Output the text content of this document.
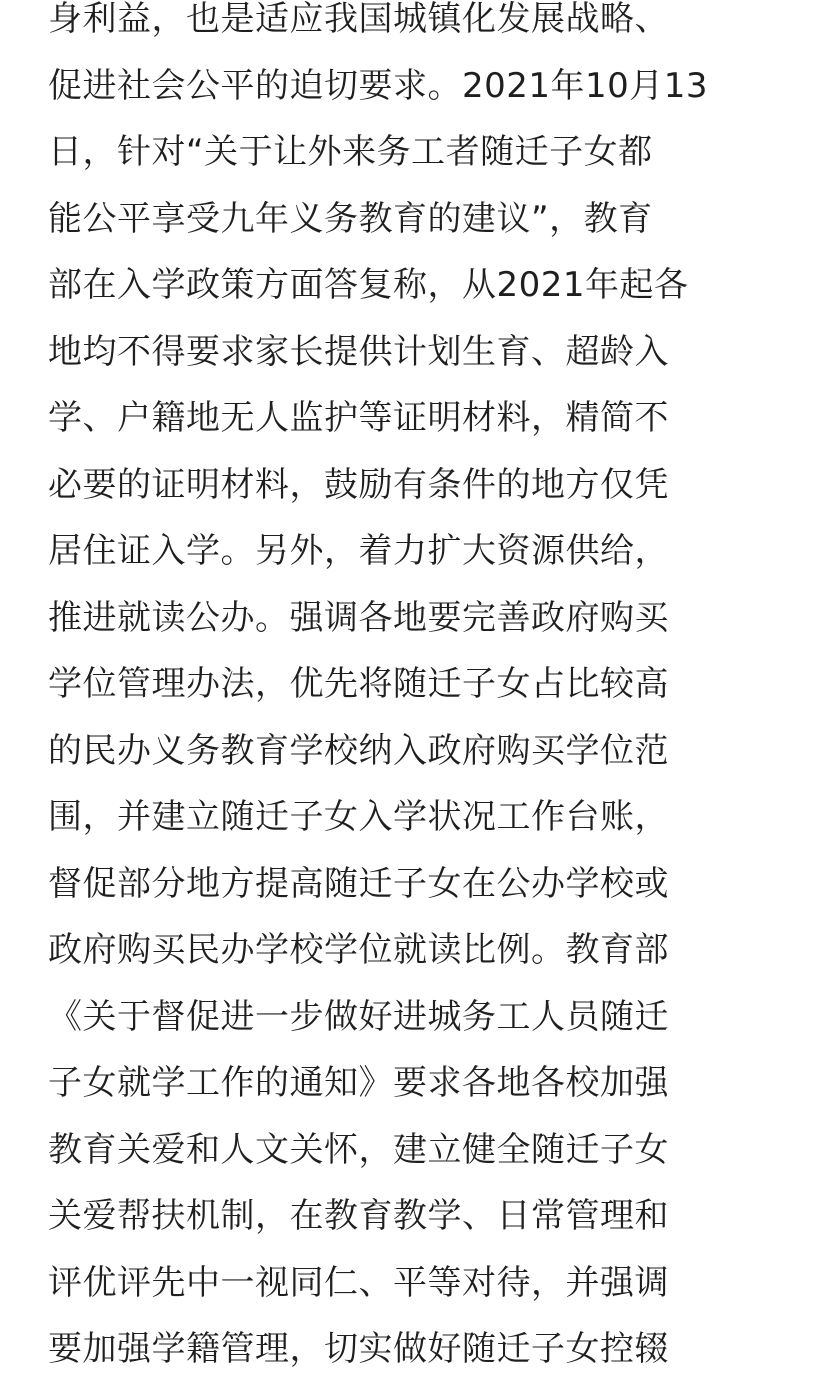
身利益，也是适应我国城镇化发展战略、
促进社会公平的迫切要求。2021年10月13
日，针对“关于让外来务工者随迁子女都
能公平享受九年义务教育的建议”，教育
部在入学政策方面答复称，从2021年起各
地均不得要求家长提供计划生育、超龄入
学、户籍地无人监护等证明材料，精简不
必要的证明材料，鼓励有条件的地方仅凭
居住证入学。另外，着力扩大资源供给，
推进就读公办。强调各地要完善政府购买
学位管理办法，优先将随迁子女占比较高
的民办义务教育学校纳入政府购买学位范
围，并建立随迁子女入学状况工作台账，
督促部分地方提高随迁子女在公办学校或
政府购买民办学校学位就读比例。教育部
《关于督促进一步做好进城务工人员随迁
子女就学工作的通知》要求各地各校加强
教育关爱和人文关怀，建立健全随迁子女
关爱帮扶机制，在教育教学、日常管理和
评优评先中一视同仁、平等对待，并强调
要加强学籍管理，切实做好随迁子女控辍
